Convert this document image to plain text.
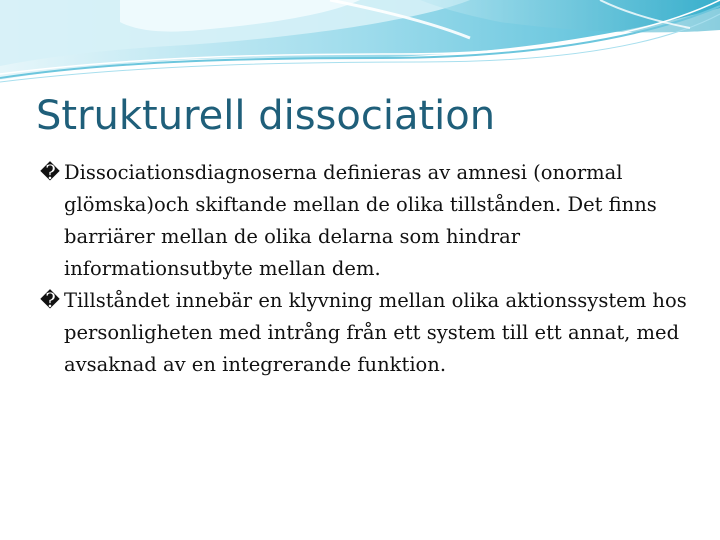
Strukturell dissociation
� Dissociationsdiagnoserna definieras av amnesi (onormal glömska)och skiftande mellan de olika tillstånden. Det finns barriärer mellan de olika delarna som hindrar informationsutbyte mellan dem.
� Tillståndet innebär en klyvning mellan olika aktionssystem hos personligheten med intrång från ett system till ett annat, med avsaknad av en integrerande funktion.
